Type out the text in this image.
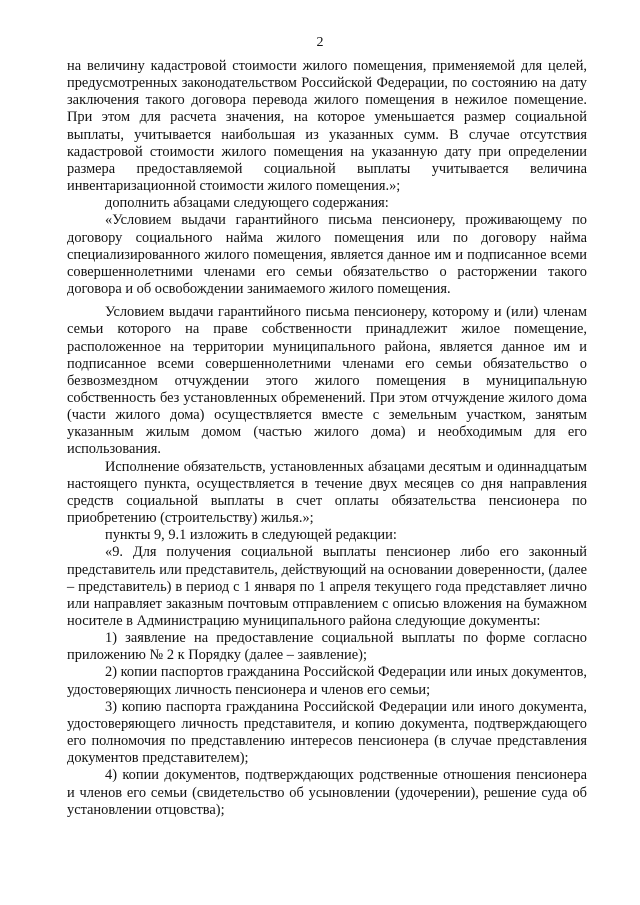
2

на величину кадастровой стоимости жилого помещения, применяемой для целей, предусмотренных законодательством Российской Федерации, по состоянию на дату заключения такого договора перевода жилого помещения в нежилое помещение. При этом для расчета значения, на которое уменьшается размер социальной выплаты, учитывается наибольшая из указанных сумм. В случае отсутствия кадастровой стоимости жилого помещения на указанную дату при определении размера предоставляемой социальной выплаты учитывается величина инвентаризационной стоимости жилого помещения.»;

дополнить абзацами следующего содержания:

«Условием выдачи гарантийного письма пенсионеру, проживающему по договору социального найма жилого помещения или по договору найма специализированного жилого помещения, является данное им и подписанное всеми совершеннолетними членами его семьи обязательство о расторжении такого договора и об освобождении занимаемого жилого помещения.

Условием выдачи гарантийного письма пенсионеру, которому и (или) членам семьи которого на праве собственности принадлежит жилое помещение, расположенное на территории муниципального района, является данное им и подписанное всеми совершеннолетними членами его семьи обязательство о безвозмездном отчуждении этого жилого помещения в муниципальную собственность без установленных обременений. При этом отчуждение жилого дома (части жилого дома) осуществляется вместе с земельным участком, занятым указанным жилым домом (частью жилого дома) и необходимым для его использования.

Исполнение обязательств, установленных абзацами десятым и одиннадцатым настоящего пункта, осуществляется в течение двух месяцев со дня направления средств социальной выплаты в счет оплаты обязательства пенсионера по приобретению (строительству) жилья.»;

пункты 9, 9.1 изложить в следующей редакции:

«9. Для получения социальной выплаты пенсионер либо его законный представитель или представитель, действующий на основании доверенности, (далее – представитель) в период с 1 января по 1 апреля текущего года представляет лично или направляет заказным почтовым отправлением с описью вложения на бумажном носителе в Администрацию муниципального района следующие документы:

1) заявление на предоставление социальной выплаты по форме согласно приложению № 2 к Порядку (далее – заявление);

2) копии паспортов гражданина Российской Федерации или иных документов, удостоверяющих личность пенсионера и членов его семьи;

3) копию паспорта гражданина Российской Федерации или иного документа, удостоверяющего личность представителя, и копию документа, подтверждающего его полномочия по представлению интересов пенсионера (в случае представления документов представителем);

4) копии документов, подтверждающих родственные отношения пенсионера и членов его семьи (свидетельство об усыновлении (удочерении), решение суда об установлении отцовства);
